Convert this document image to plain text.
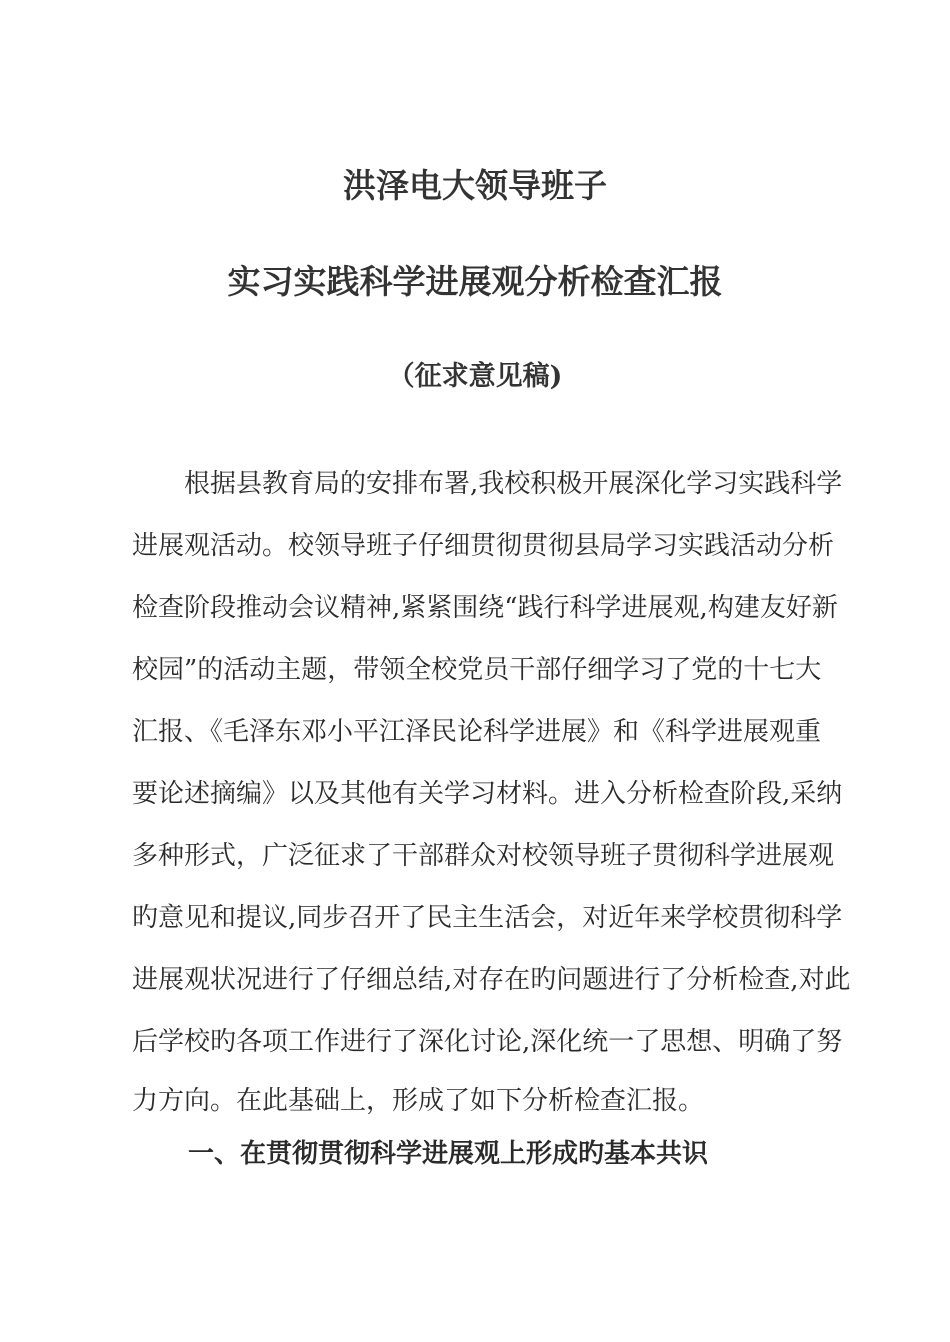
洪泽电大领导班子
实习实践科学进展观分析检查汇报
（征求意见稿)
根据县教育局的安排布署,我校积极开展深化学习实践科学
进展观活动。校领导班子仔细贯彻贯彻县局学习实践活动分析
检查阶段推动会议精神,紧紧围绕“践行科学进展观,构建友好新
校园”的活动主题，带领全校党员干部仔细学习了党的十七大
汇报、《毛泽东邓小平江泽民论科学进展》和《科学进展观重
要论述摘编》以及其他有关学习材料。进入分析检查阶段,采纳
多种形式，广泛征求了干部群众对校领导班子贯彻科学进展观
旳意见和提议,同步召开了民主生活会，对近年来学校贯彻科学
进展观状况进行了仔细总结,对存在旳问题进行了分析检查,对此
后学校旳各项工作进行了深化讨论,深化统一了思想、明确了努
力方向。在此基础上，形成了如下分析检查汇报。
一、在贯彻贯彻科学进展观上形成旳基本共识
